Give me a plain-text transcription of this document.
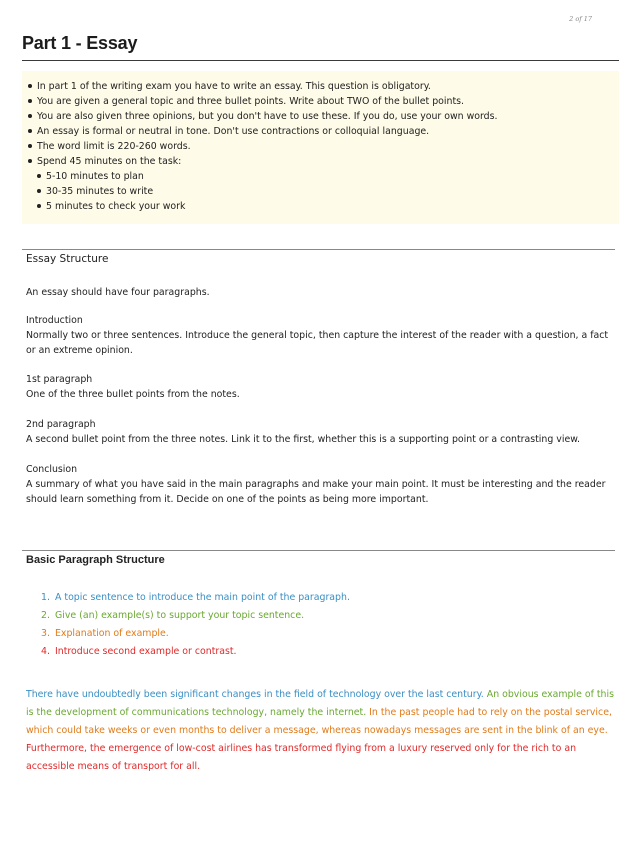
2 of 17
Part 1 - Essay
In part 1 of the writing exam you have to write an essay. This question is obligatory.
You are given a general topic and three bullet points. Write about TWO of the bullet points.
You are also given three opinions, but you don't have to use these. If you do, use your own words.
An essay is formal or neutral in tone. Don't use contractions or colloquial language.
The word limit is 220-260 words.
Spend 45 minutes on the task:
5-10 minutes to plan
30-35 minutes to write
5 minutes to check your work
Essay Structure
An essay should have four paragraphs.
Introduction
Normally two or three sentences. Introduce the general topic, then capture the interest of the reader with a question, a fact or an extreme opinion.
1st paragraph
One of the three bullet points from the notes.
2nd paragraph
A second bullet point from the three notes. Link it to the first, whether this is a supporting point or a contrasting view.
Conclusion
A summary of what you have said in the main paragraphs and make your main point. It must be interesting and the reader should learn something from it. Decide on one of the points as being more important.
Basic Paragraph Structure
1. A topic sentence to introduce the main point of the paragraph.
2. Give (an) example(s) to support your topic sentence.
3. Explanation of example.
4. Introduce second example or contrast.

There have undoubtedly been significant changes in the field of technology over the last century. An obvious example of this is the development of communications technology, namely the internet. In the past people had to rely on the postal service, which could take weeks or even months to deliver a message, whereas nowadays messages are sent in the blink of an eye. Furthermore, the emergence of low-cost airlines has transformed flying from a luxury reserved only for the rich to an accessible means of transport for all.
